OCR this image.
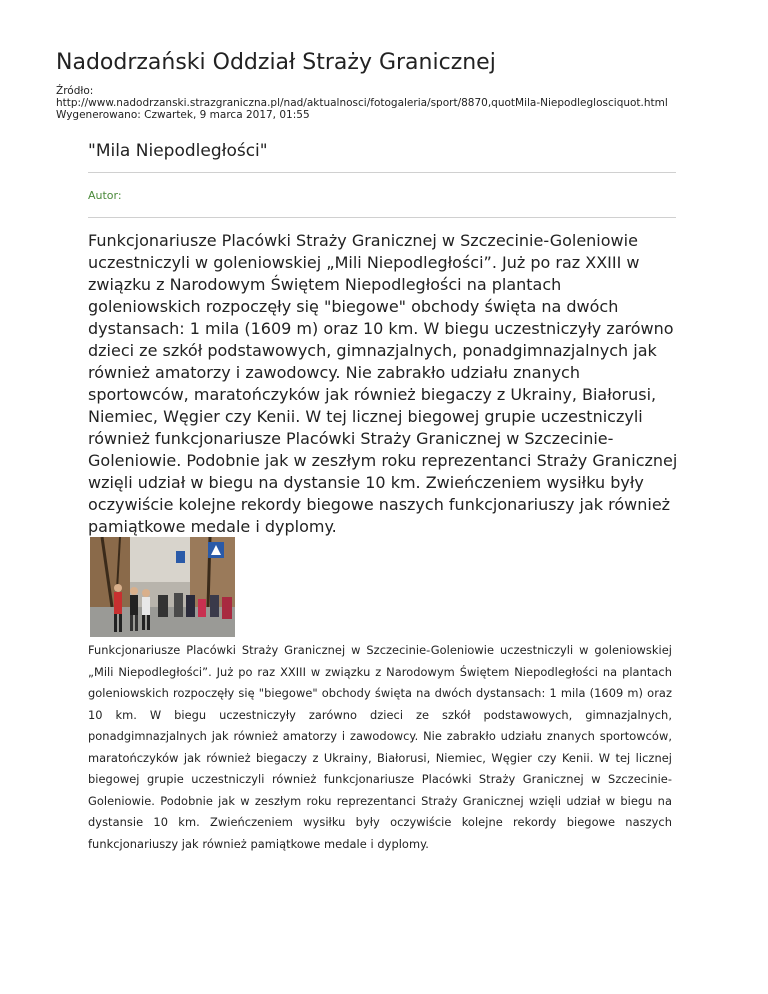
Nadodrzański Oddział Straży Granicznej
Źródło:
http://www.nadodrzanski.strazgraniczna.pl/nad/aktualnosci/fotogaleria/sport/8870,quotMila-Niepodleglosciquot.html
Wygenerowano: Czwartek, 9 marca 2017, 01:55
"Mila Niepodległości"
Autor:

Funkcjonariusze Placówki Straży Granicznej w Szczecinie-Goleniowie uczestniczyli w goleniowskiej „Mili Niepodległości”. Już po raz XXIII w związku z Narodowym Świętem Niepodległości na plantach goleniowskich rozpoczęły się "biegowe" obchody święta na dwóch dystansach: 1 mila (1609 m) oraz 10 km. W biegu uczestniczyły zarówno dzieci ze szkół podstawowych, gimnazjalnych, ponadgimnazjalnych jak również amatorzy i zawodowcy. Nie zabrakło udziału znanych sportowców, maratończyków jak również biegaczy z Ukrainy, Białorusi, Niemiec, Węgier czy Kenii. W tej licznej biegowej grupie uczestniczyli również funkcjonariusze Placówki Straży Granicznej w Szczecinie-Goleniowie. Podobnie jak w zeszłym roku reprezentanci Straży Granicznej wzięli udział w biegu na dystansie 10 km. Zwieńczeniem wysiłku były oczywiście kolejne rekordy biegowe naszych funkcjonariuszy jak również pamiątkowe medale i dyplomy.

Funkcjonariusze Placówki Straży Granicznej w Szczecinie-Goleniowie uczestniczyli w goleniowskiej „Mili Niepodległości”. Już po raz XXIII w związku z Narodowym Świętem Niepodległości na plantach goleniowskich rozpoczęły się "biegowe" obchody święta na dwóch dystansach: 1 mila (1609 m) oraz 10 km. W biegu uczestniczyły zarówno dzieci ze szkół podstawowych, gimnazjalnych, ponadgimnazjalnych jak również amatorzy i zawodowcy. Nie zabrakło udziału znanych sportowców, maratończyków jak również biegaczy z Ukrainy, Białorusi, Niemiec, Węgier czy Kenii. W tej licznej biegowej grupie uczestniczyli również funkcjonariusze Placówki Straży Granicznej w Szczecinie-Goleniowie. Podobnie jak w zeszłym roku reprezentanci Straży Granicznej wzięli udział w biegu na dystansie 10 km. Zwieńczeniem wysiłku były oczywiście kolejne rekordy biegowe naszych funkcjonariuszy jak również pamiątkowe medale i dyplomy.
